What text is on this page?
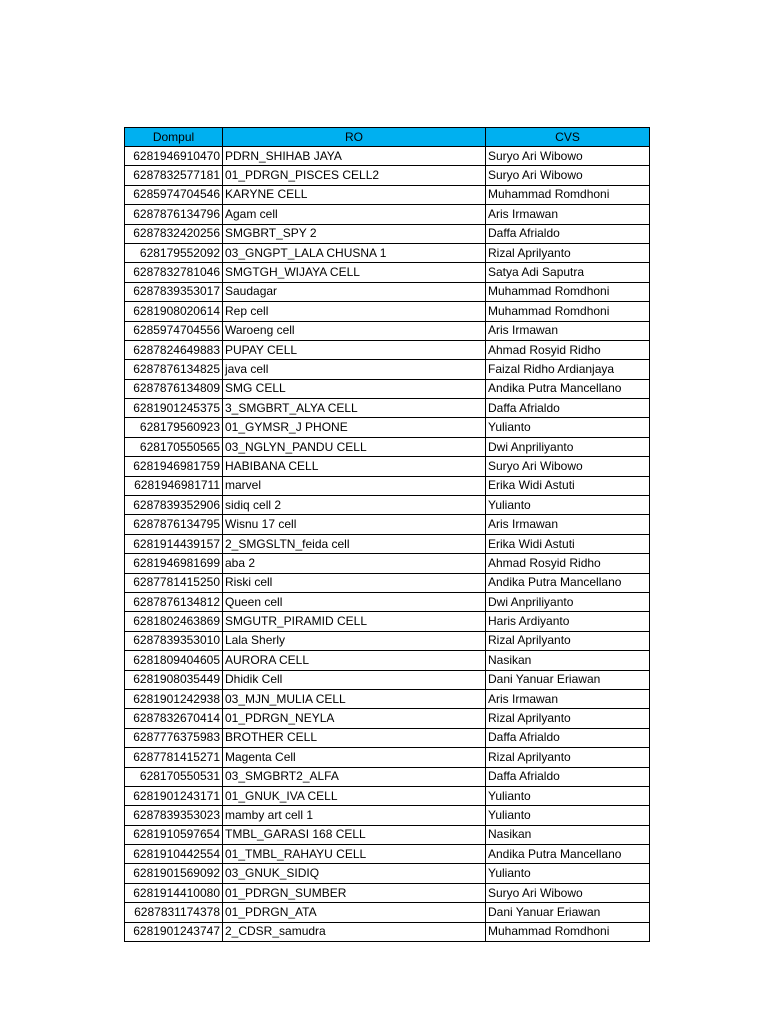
Dompul	RO	CVS
6281946910470	PDRN_SHIHAB JAYA	Suryo Ari Wibowo
6287832577181	01_PDRGN_PISCES CELL2	Suryo Ari Wibowo
6285974704546	KARYNE CELL	Muhammad Romdhoni
6287876134796	Agam cell	Aris Irmawan
6287832420256	SMGBRT_SPY 2	Daffa Afrialdo
628179552092	03_GNGPT_LALA CHUSNA 1	Rizal Aprilyanto
6287832781046	SMGTGH_WIJAYA CELL	Satya Adi Saputra
6287839353017	Saudagar	Muhammad Romdhoni
6281908020614	Rep cell	Muhammad Romdhoni
6285974704556	Waroeng cell	Aris Irmawan
6287824649883	PUPAY CELL	Ahmad Rosyid Ridho
6287876134825	java cell	Faizal Ridho Ardianjaya
6287876134809	SMG CELL	Andika Putra Mancellano
6281901245375	3_SMGBRT_ALYA CELL	Daffa Afrialdo
628179560923	01_GYMSR_J PHONE	Yulianto
628170550565	03_NGLYN_PANDU CELL	Dwi Anpriliyanto
6281946981759	HABIBANA CELL	Suryo Ari Wibowo
6281946981711	marvel	Erika Widi Astuti
6287839352906	sidiq cell 2	Yulianto
6287876134795	Wisnu 17 cell	Aris Irmawan
6281914439157	2_SMGSLTN_feida cell	Erika Widi Astuti
6281946981699	aba 2	Ahmad Rosyid Ridho
6287781415250	Riski cell	Andika Putra Mancellano
6287876134812	Queen cell	Dwi Anpriliyanto
6281802463869	SMGUTR_PIRAMID CELL	Haris Ardiyanto
6287839353010	Lala Sherly	Rizal Aprilyanto
6281809404605	AURORA CELL	Nasikan
6281908035449	Dhidik Cell	Dani Yanuar Eriawan
6281901242938	03_MJN_MULIA CELL	Aris Irmawan
6287832670414	01_PDRGN_NEYLA	Rizal Aprilyanto
6287776375983	BROTHER CELL	Daffa Afrialdo
6287781415271	Magenta Cell	Rizal Aprilyanto
628170550531	03_SMGBRT2_ALFA	Daffa Afrialdo
6281901243171	01_GNUK_IVA CELL	Yulianto
6287839353023	mamby art cell 1	Yulianto
6281910597654	TMBL_GARASI 168 CELL	Nasikan
6281910442554	01_TMBL_RAHAYU CELL	Andika Putra Mancellano
6281901569092	03_GNUK_SIDIQ	Yulianto
6281914410080	01_PDRGN_SUMBER	Suryo Ari Wibowo
6287831174378	01_PDRGN_ATA	Dani Yanuar Eriawan
6281901243747	2_CDSR_samudra	Muhammad Romdhoni
